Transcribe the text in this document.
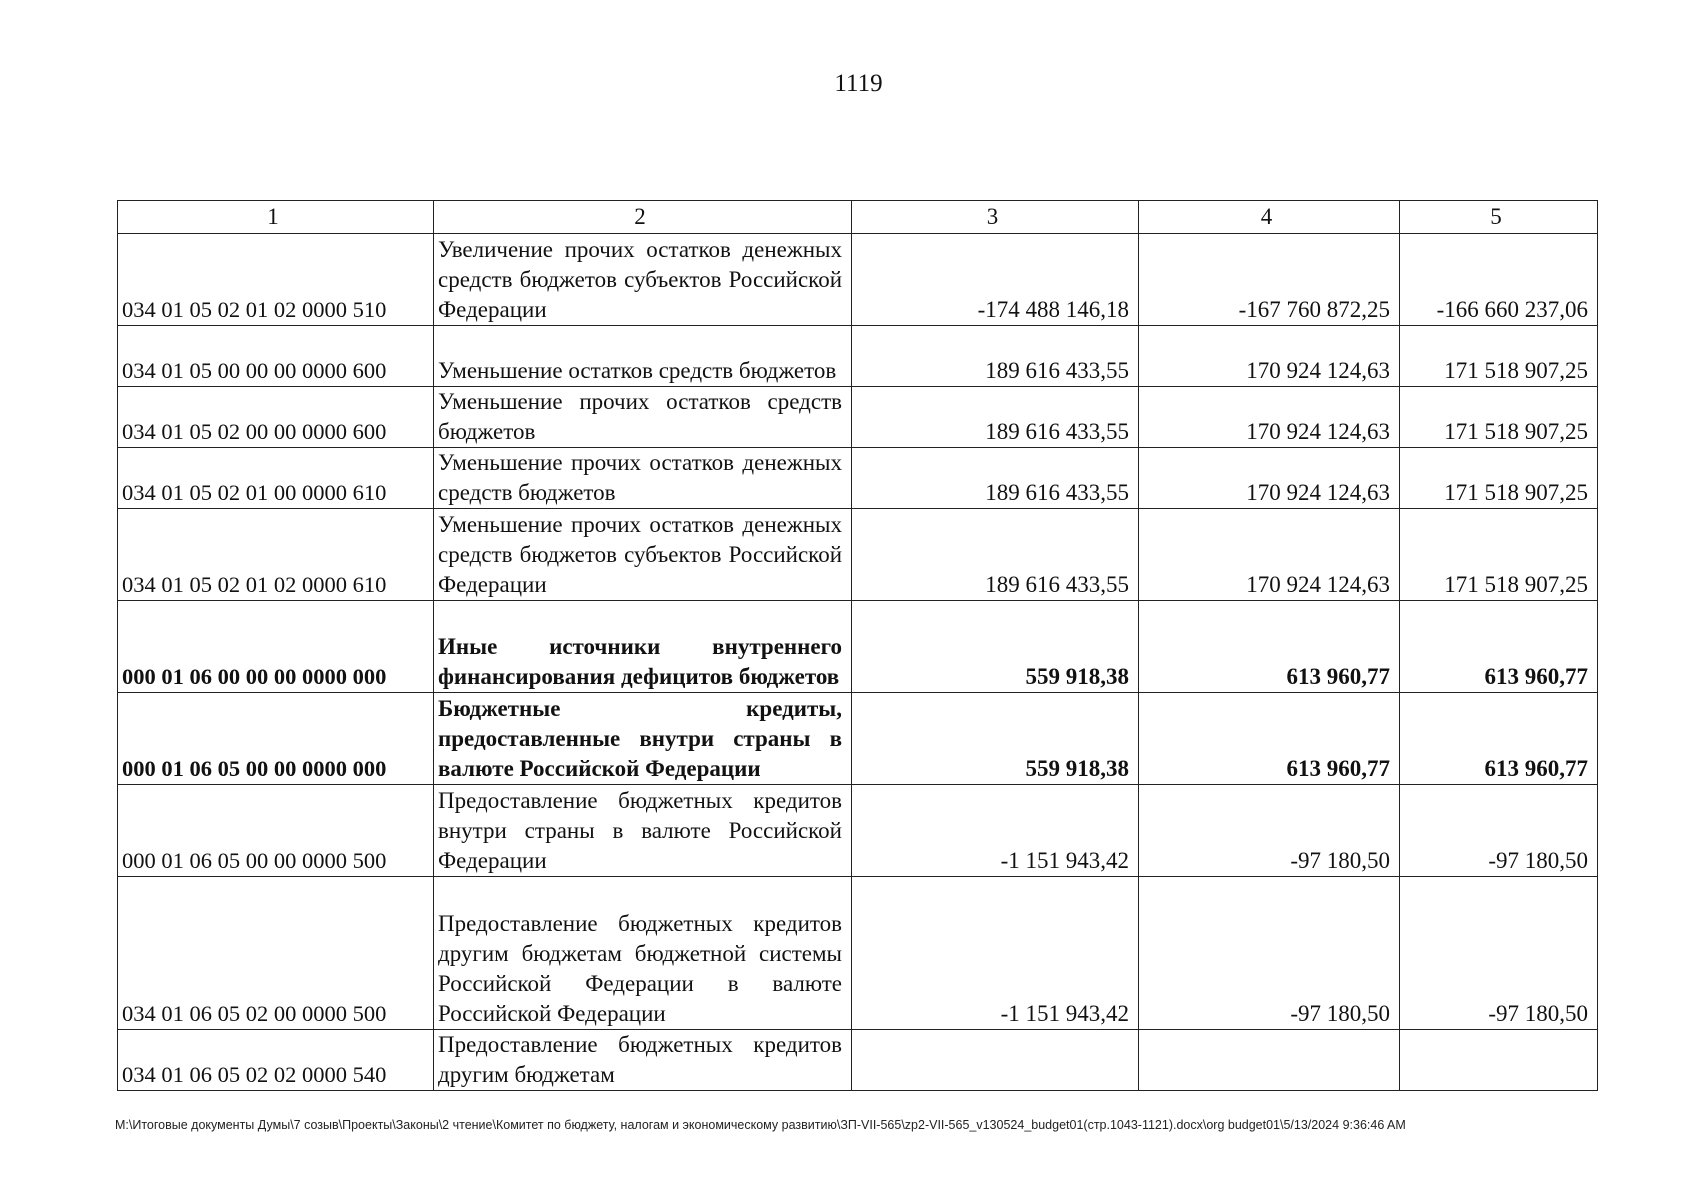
1119
1	2	3	4	5
034 01 05 02 01 02 0000 510	Увеличение прочих остатков денежных средств бюджетов субъектов Российской Федерации	-174 488 146,18	-167 760 872,25	-166 660 237,06
034 01 05 00 00 00 0000 600	Уменьшение остатков средств бюджетов	189 616 433,55	170 924 124,63	171 518 907,25
034 01 05 02 00 00 0000 600	Уменьшение прочих остатков средств бюджетов	189 616 433,55	170 924 124,63	171 518 907,25
034 01 05 02 01 00 0000 610	Уменьшение прочих остатков денежных средств бюджетов	189 616 433,55	170 924 124,63	171 518 907,25
034 01 05 02 01 02 0000 610	Уменьшение прочих остатков денежных средств бюджетов субъектов Российской Федерации	189 616 433,55	170 924 124,63	171 518 907,25
000 01 06 00 00 00 0000 000	Иные источники внутреннего финансирования дефицитов бюджетов	559 918,38	613 960,77	613 960,77
000 01 06 05 00 00 0000 000	Бюджетные кредиты, предоставленные внутри страны в валюте Российской Федерации	559 918,38	613 960,77	613 960,77
000 01 06 05 00 00 0000 500	Предоставление бюджетных кредитов внутри страны в валюте Российской Федерации	-1 151 943,42	-97 180,50	-97 180,50
034 01 06 05 02 00 0000 500	Предоставление бюджетных кредитов другим бюджетам бюджетной системы Российской Федерации в валюте Российской Федерации	-1 151 943,42	-97 180,50	-97 180,50
034 01 06 05 02 02 0000 540	Предоставление бюджетных кредитов другим бюджетам			
M:\Итоговые документы Думы\7 созыв\Проекты\Законы\2 чтение\Комитет по бюджету, налогам и экономическому развитию\ЗП-VII-565\zp2-VII-565_v130524_budget01(стр.1043-1121).docx\org budget01\5/13/2024 9:36:46 AM
